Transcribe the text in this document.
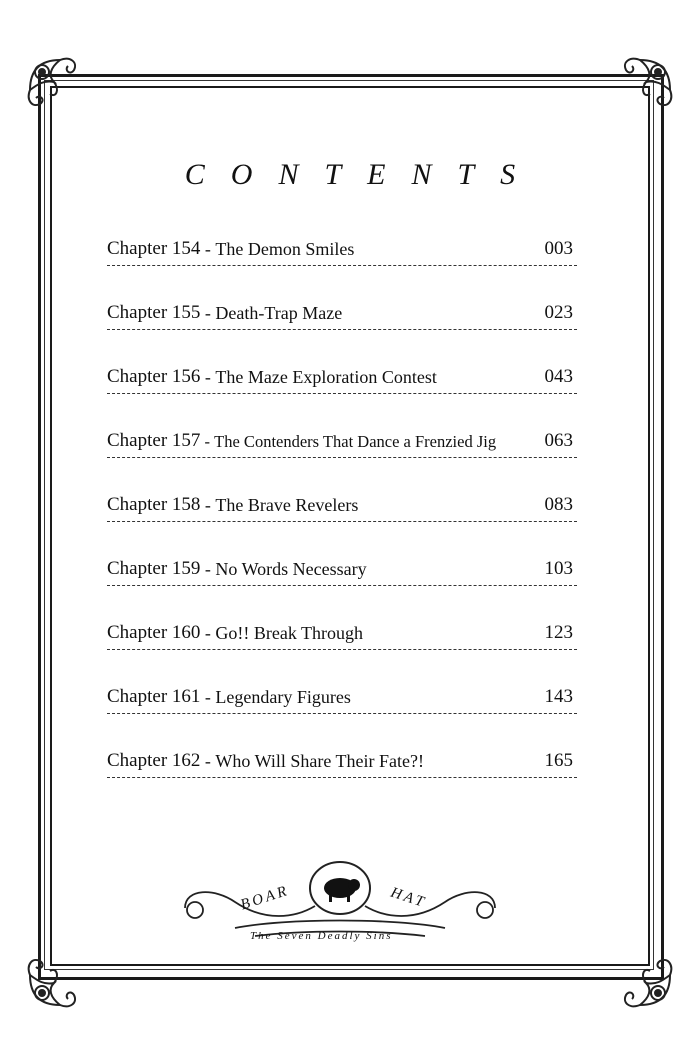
CONTENTS
Chapter 154 - The Demon Smiles	003
Chapter 155 - Death-Trap Maze	023
Chapter 156 - The Maze Exploration Contest	043
Chapter 157 - The Contenders That Dance a Frenzied Jig	063
Chapter 158 - The Brave Revelers	083
Chapter 159 - No Words Necessary	103
Chapter 160 - Go!! Break Through	123
Chapter 161 - Legendary Figures	143
Chapter 162 - Who Will Share Their Fate?!	165
BOAR	HAT
The Seven Deadly Sins
